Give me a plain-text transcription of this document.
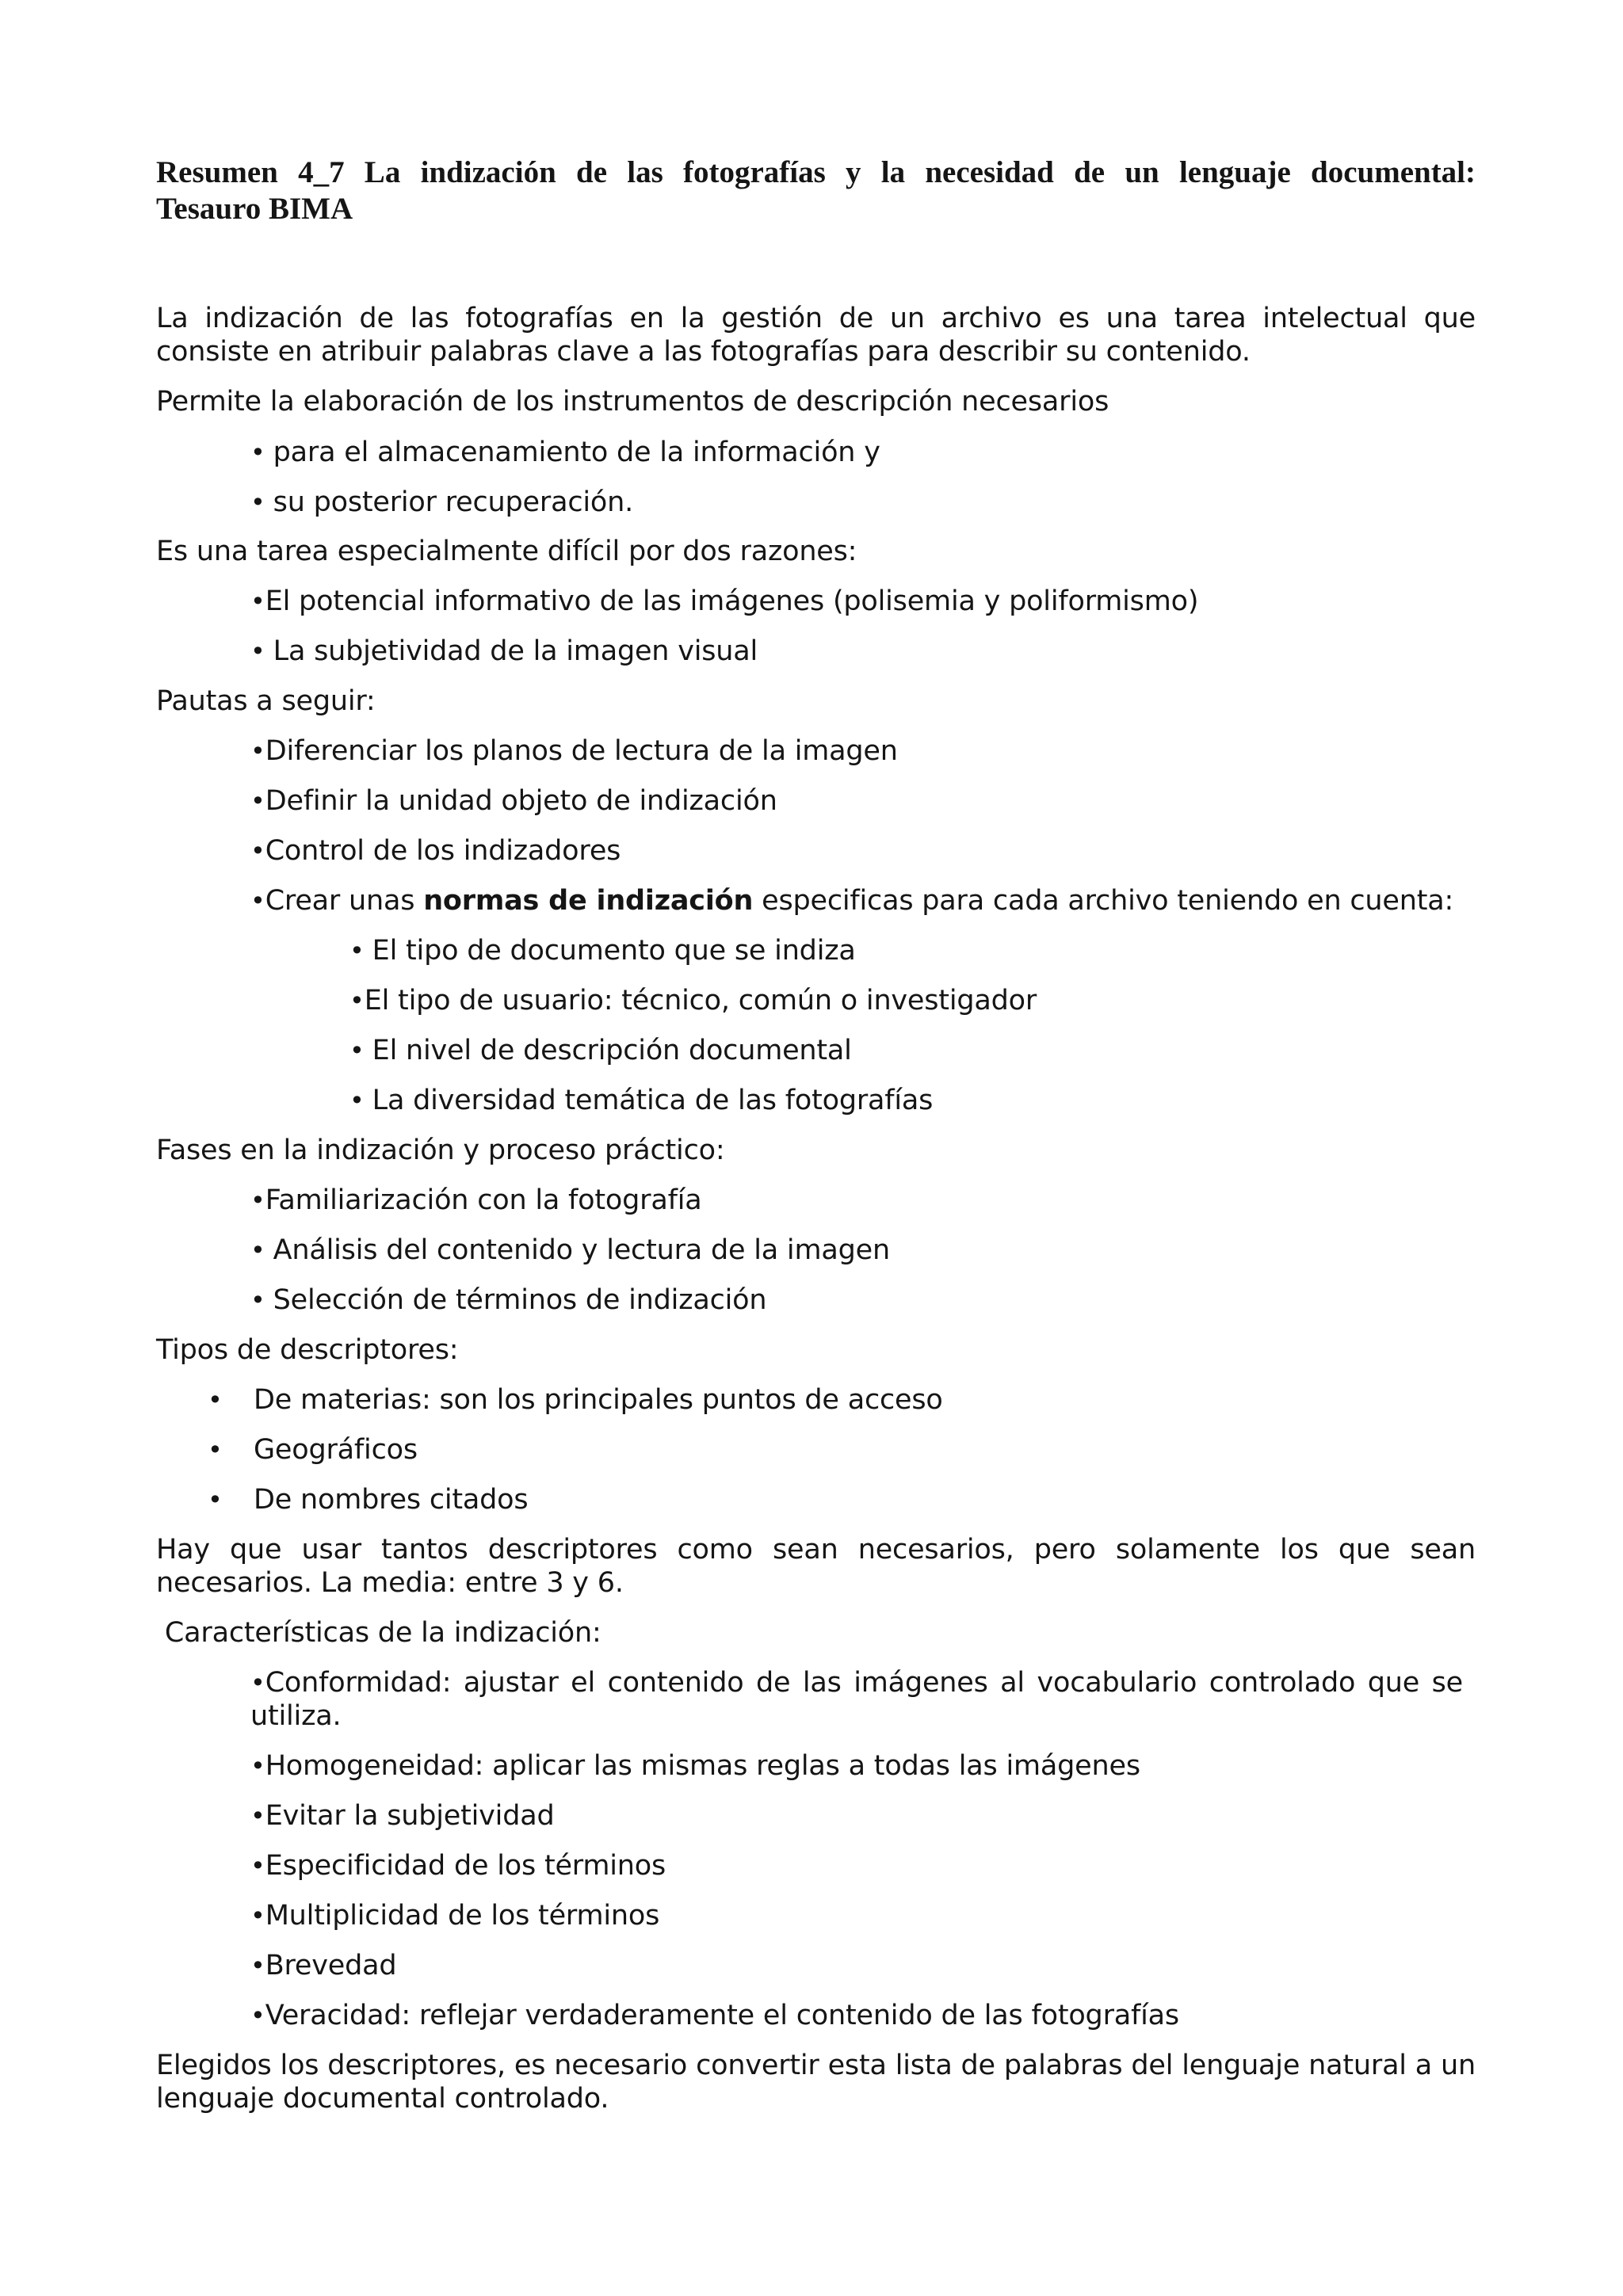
Resumen 4_7 La indización de las fotografías y la necesidad de un lenguaje documental:
Tesauro BIMA

La indización de las fotografías en la gestión de un archivo es una tarea intelectual que
consiste en atribuir palabras clave a las fotografías para describir su contenido.

Permite la elaboración de los instrumentos de descripción necesarios

• para el almacenamiento de la información y

• su posterior recuperación.

Es una tarea especialmente difícil por dos razones:

•El potencial informativo de las imágenes (polisemia y poliformismo)

• La subjetividad de la imagen visual

Pautas a seguir:

•Diferenciar los planos de lectura de la imagen

•Definir la unidad objeto de indización

•Control de los indizadores

•Crear unas normas de indización especificas para cada archivo teniendo en cuenta:

• El tipo de documento que se indiza

•El tipo de usuario: técnico, común o investigador

• El nivel de descripción documental

• La diversidad temática de las fotografías

Fases en la indización y proceso práctico:

•Familiarización con la fotografía

• Análisis del contenido y lectura de la imagen

• Selección de términos de indización

Tipos de descriptores:

• De materias: son los principales puntos de acceso

• Geográficos

• De nombres citados

Hay que usar tantos descriptores como sean necesarios, pero solamente los que sean
necesarios. La media: entre 3 y 6.

Características de la indización:

•Conformidad: ajustar el contenido de las imágenes al vocabulario controlado que se
utiliza.

•Homogeneidad: aplicar las mismas reglas a todas las imágenes

•Evitar la subjetividad

•Especificidad de los términos

•Multiplicidad de los términos

•Brevedad

•Veracidad: reflejar verdaderamente el contenido de las fotografías

Elegidos los descriptores, es necesario convertir esta lista de palabras del lenguaje natural a un
lenguaje documental controlado.
